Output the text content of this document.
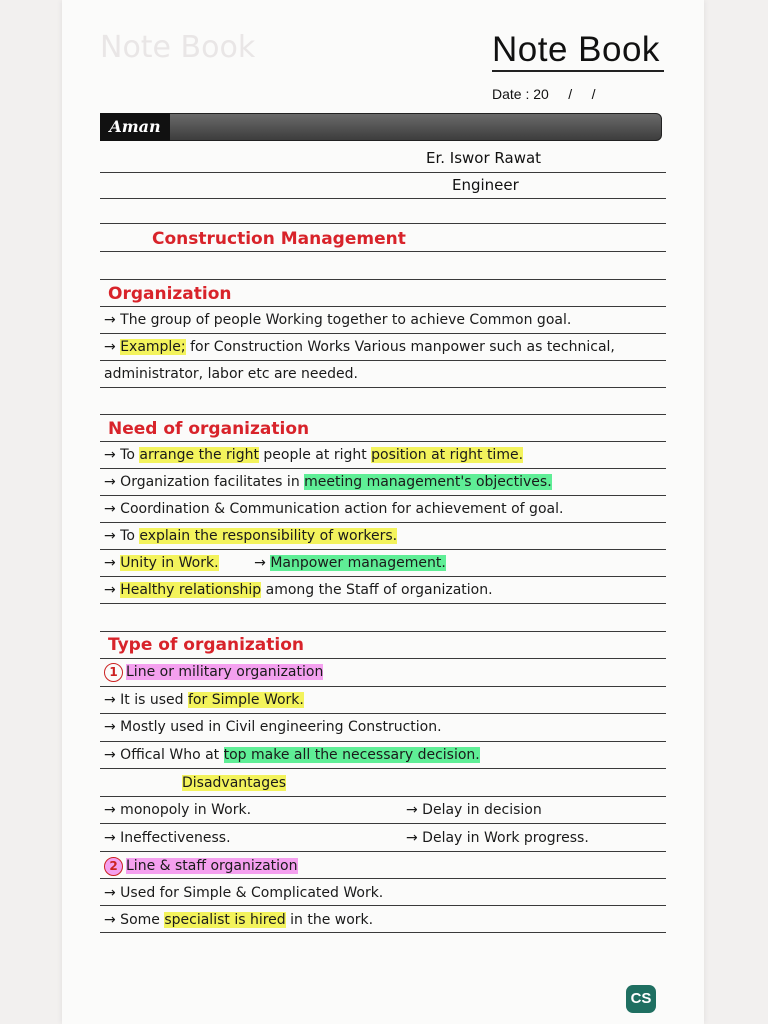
Note Book	Note Book
Date : 20     /     /
Aman
Er. Iswor Rawat
Engineer
Construction Management
Organization
→ The group of people Working together to achieve Common goal.
→ Example; for Construction Works Various manpower such as technical,
administrator, labor etc are needed.
Need of organization
→ To arrange the right people at right position at right time.
→ Organization facilitates in meeting management's objectives.
→ Coordination & Communication action for achievement of goal.
→ To explain the responsibility of workers.
→ Unity in Work.        → Manpower management.
→ Healthy relationship among the Staff of organization.
Type of organization
1 Line or military organization
→ It is used for Simple Work.
→ Mostly used in Civil engineering Construction.
→ Offical Who at top make all the necessary decision.
Disadvantages
→ monopoly in Work.	→ Delay in decision
→ Ineffectiveness.	→ Delay in Work progress.
2 Line & staff organization
→ Used for Simple & Complicated Work.
→ Some specialist is hired in the work.
CS
